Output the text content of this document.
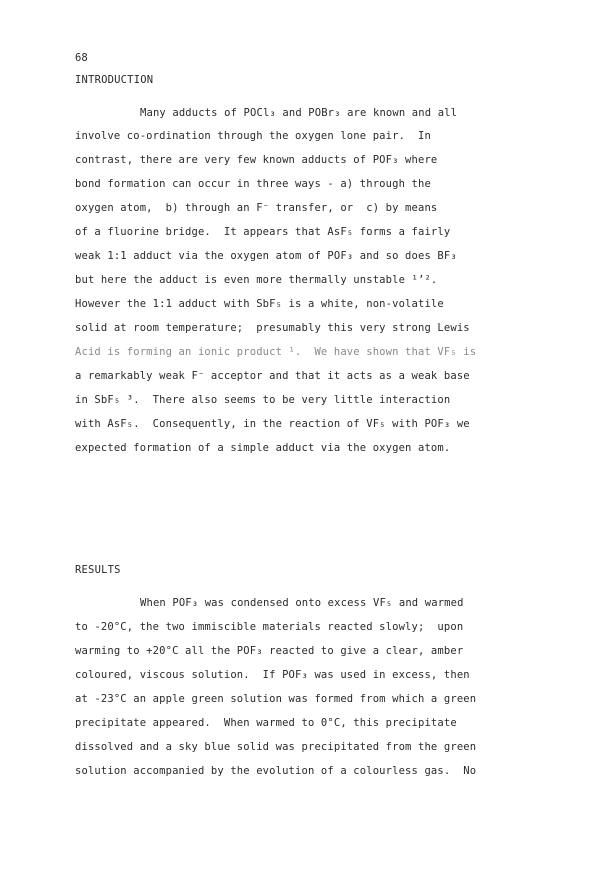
68
INTRODUCTION
Many adducts of POCl₃ and POBr₃ are known and all
involve co-ordination through the oxygen lone pair.  In
contrast, there are very few known adducts of POF₃ where
bond formation can occur in three ways - a) through the
oxygen atom,  b) through an F⁻ transfer, or  c) by means
of a fluorine bridge.  It appears that AsF₅ forms a fairly
weak 1:1 adduct via the oxygen atom of POF₃ and so does BF₃
but here the adduct is even more thermally unstable ¹ʼ².
However the 1:1 adduct with SbF₅ is a white, non-volatile
solid at room temperature;  presumably this very strong Lewis
Acid is forming an ionic product ¹.  We have shown that VF₅ is
a remarkably weak F⁻ acceptor and that it acts as a weak base
in SbF₅ ³.  There also seems to be very little interaction
with AsF₅.  Consequently, in the reaction of VF₅ with POF₃ we
expected formation of a simple adduct via the oxygen atom.
RESULTS
When POF₃ was condensed onto excess VF₅ and warmed
to -20°C, the two immiscible materials reacted slowly;  upon
warming to +20°C all the POF₃ reacted to give a clear, amber
coloured, viscous solution.  If POF₃ was used in excess, then
at -23°C an apple green solution was formed from which a green
precipitate appeared.  When warmed to 0°C, this precipitate
dissolved and a sky blue solid was precipitated from the green
solution accompanied by the evolution of a colourless gas.  No
